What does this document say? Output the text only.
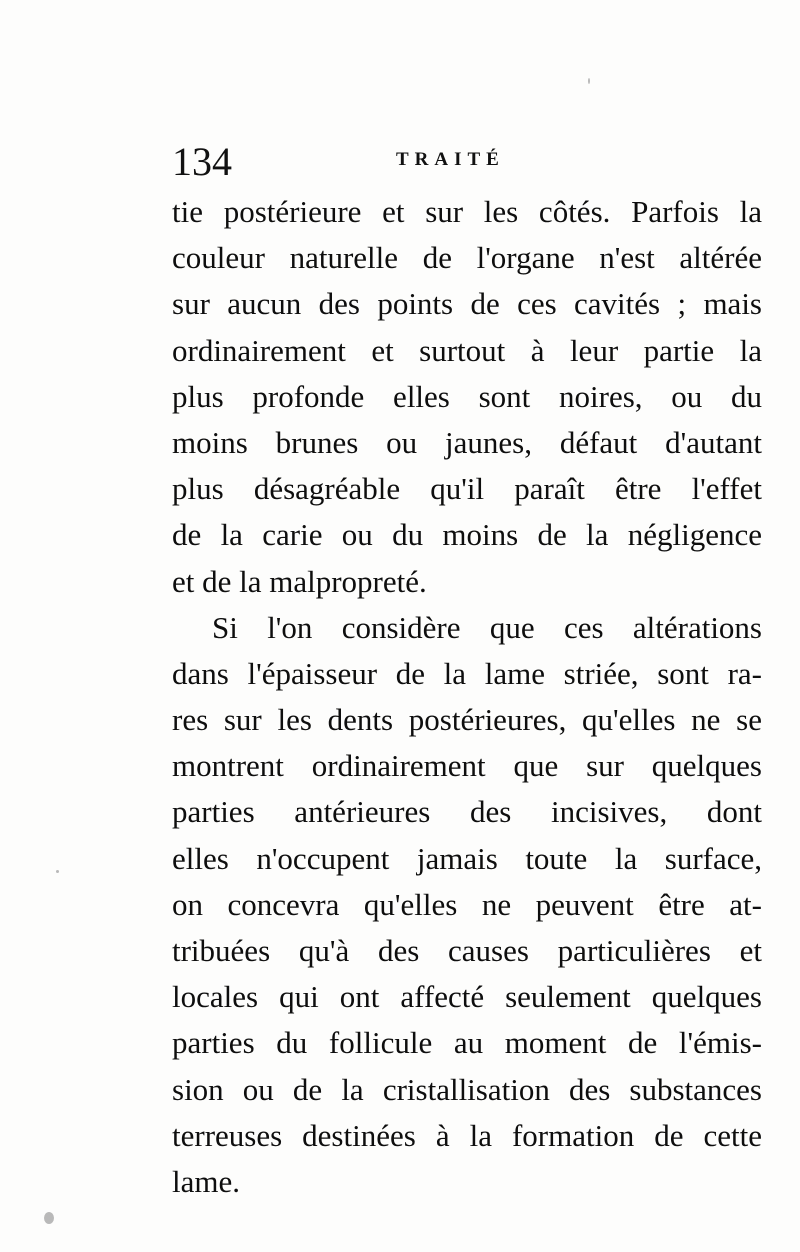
134	TRAITÉ
tie postérieure et sur les côtés. Parfois la
couleur naturelle de l'organe n'est altérée
sur aucun des points de ces cavités ; mais
ordinairement et surtout à leur partie la
plus profonde elles sont noires, ou du
moins brunes ou jaunes, défaut d'autant
plus désagréable qu'il paraît être l'effet
de la carie ou du moins de la négligence
et de la malpropreté.
Si l'on considère que ces altérations
dans l'épaisseur de la lame striée, sont ra-
res sur les dents postérieures, qu'elles ne se
montrent ordinairement que sur quelques
parties antérieures des incisives, dont
elles n'occupent jamais toute la surface,
on concevra qu'elles ne peuvent être at-
tribuées qu'à des causes particulières et
locales qui ont affecté seulement quelques
parties du follicule au moment de l'émis-
sion ou de la cristallisation des substances
terreuses destinées à la formation de cette
lame.
